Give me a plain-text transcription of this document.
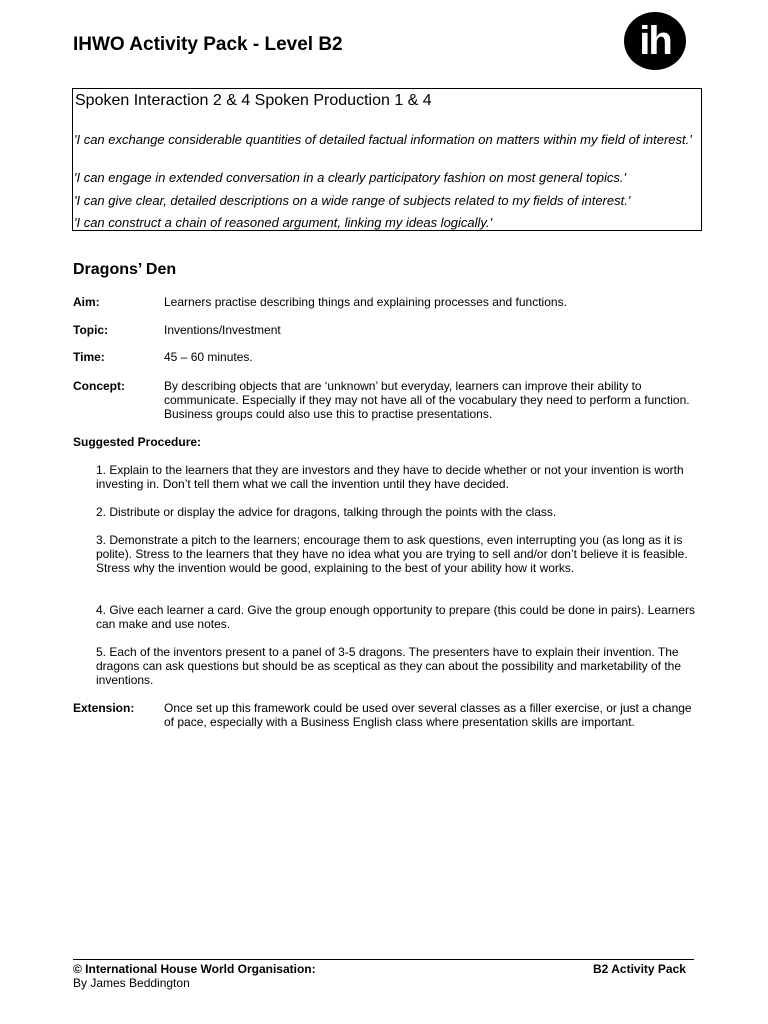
IHWO Activity Pack - Level B2	ih
Spoken Interaction 2 & 4 Spoken Production 1 & 4
'I can exchange considerable quantities of detailed factual information on matters within my field of interest.'
'I can engage in extended conversation in a clearly participatory fashion on most general topics.'
'I can give clear, detailed descriptions on a wide range of subjects related to my fields of interest.'
'I can construct a chain of reasoned argument, linking my ideas logically.'
Dragons’ Den
Aim:	Learners practise describing things and explaining processes and functions.
Topic:	Inventions/Investment
Time:	45 – 60 minutes.
Concept:	By describing objects that are ‘unknown’ but everyday, learners can improve their ability to communicate. Especially if they may not have all of the vocabulary they need to perform a function. Business groups could also use this to practise presentations.
Suggested Procedure:
1. Explain to the learners that they are investors and they have to decide whether or not your invention is worth investing in. Don’t tell them what we call the invention until they have decided.
2. Distribute or display the advice for dragons, talking through the points with the class.
3. Demonstrate a pitch to the learners; encourage them to ask questions, even interrupting you (as long as it is polite). Stress to the learners that they have no idea what you are trying to sell and/or don’t believe it is feasible. Stress why the invention would be good, explaining to the best of your ability how it works.
4. Give each learner a card. Give the group enough opportunity to prepare (this could be done in pairs). Learners can make and use notes.
5. Each of the inventors present to a panel of 3-5 dragons. The presenters have to explain their invention. The dragons can ask questions but should be as sceptical as they can about the possibility and marketability of the inventions.
Extension: Once set up this framework could be used over several classes as a filler exercise, or just a change of pace, especially with a Business English class where presentation skills are important.
© International House World Organisation:
By James Beddington
B2 Activity Pack
